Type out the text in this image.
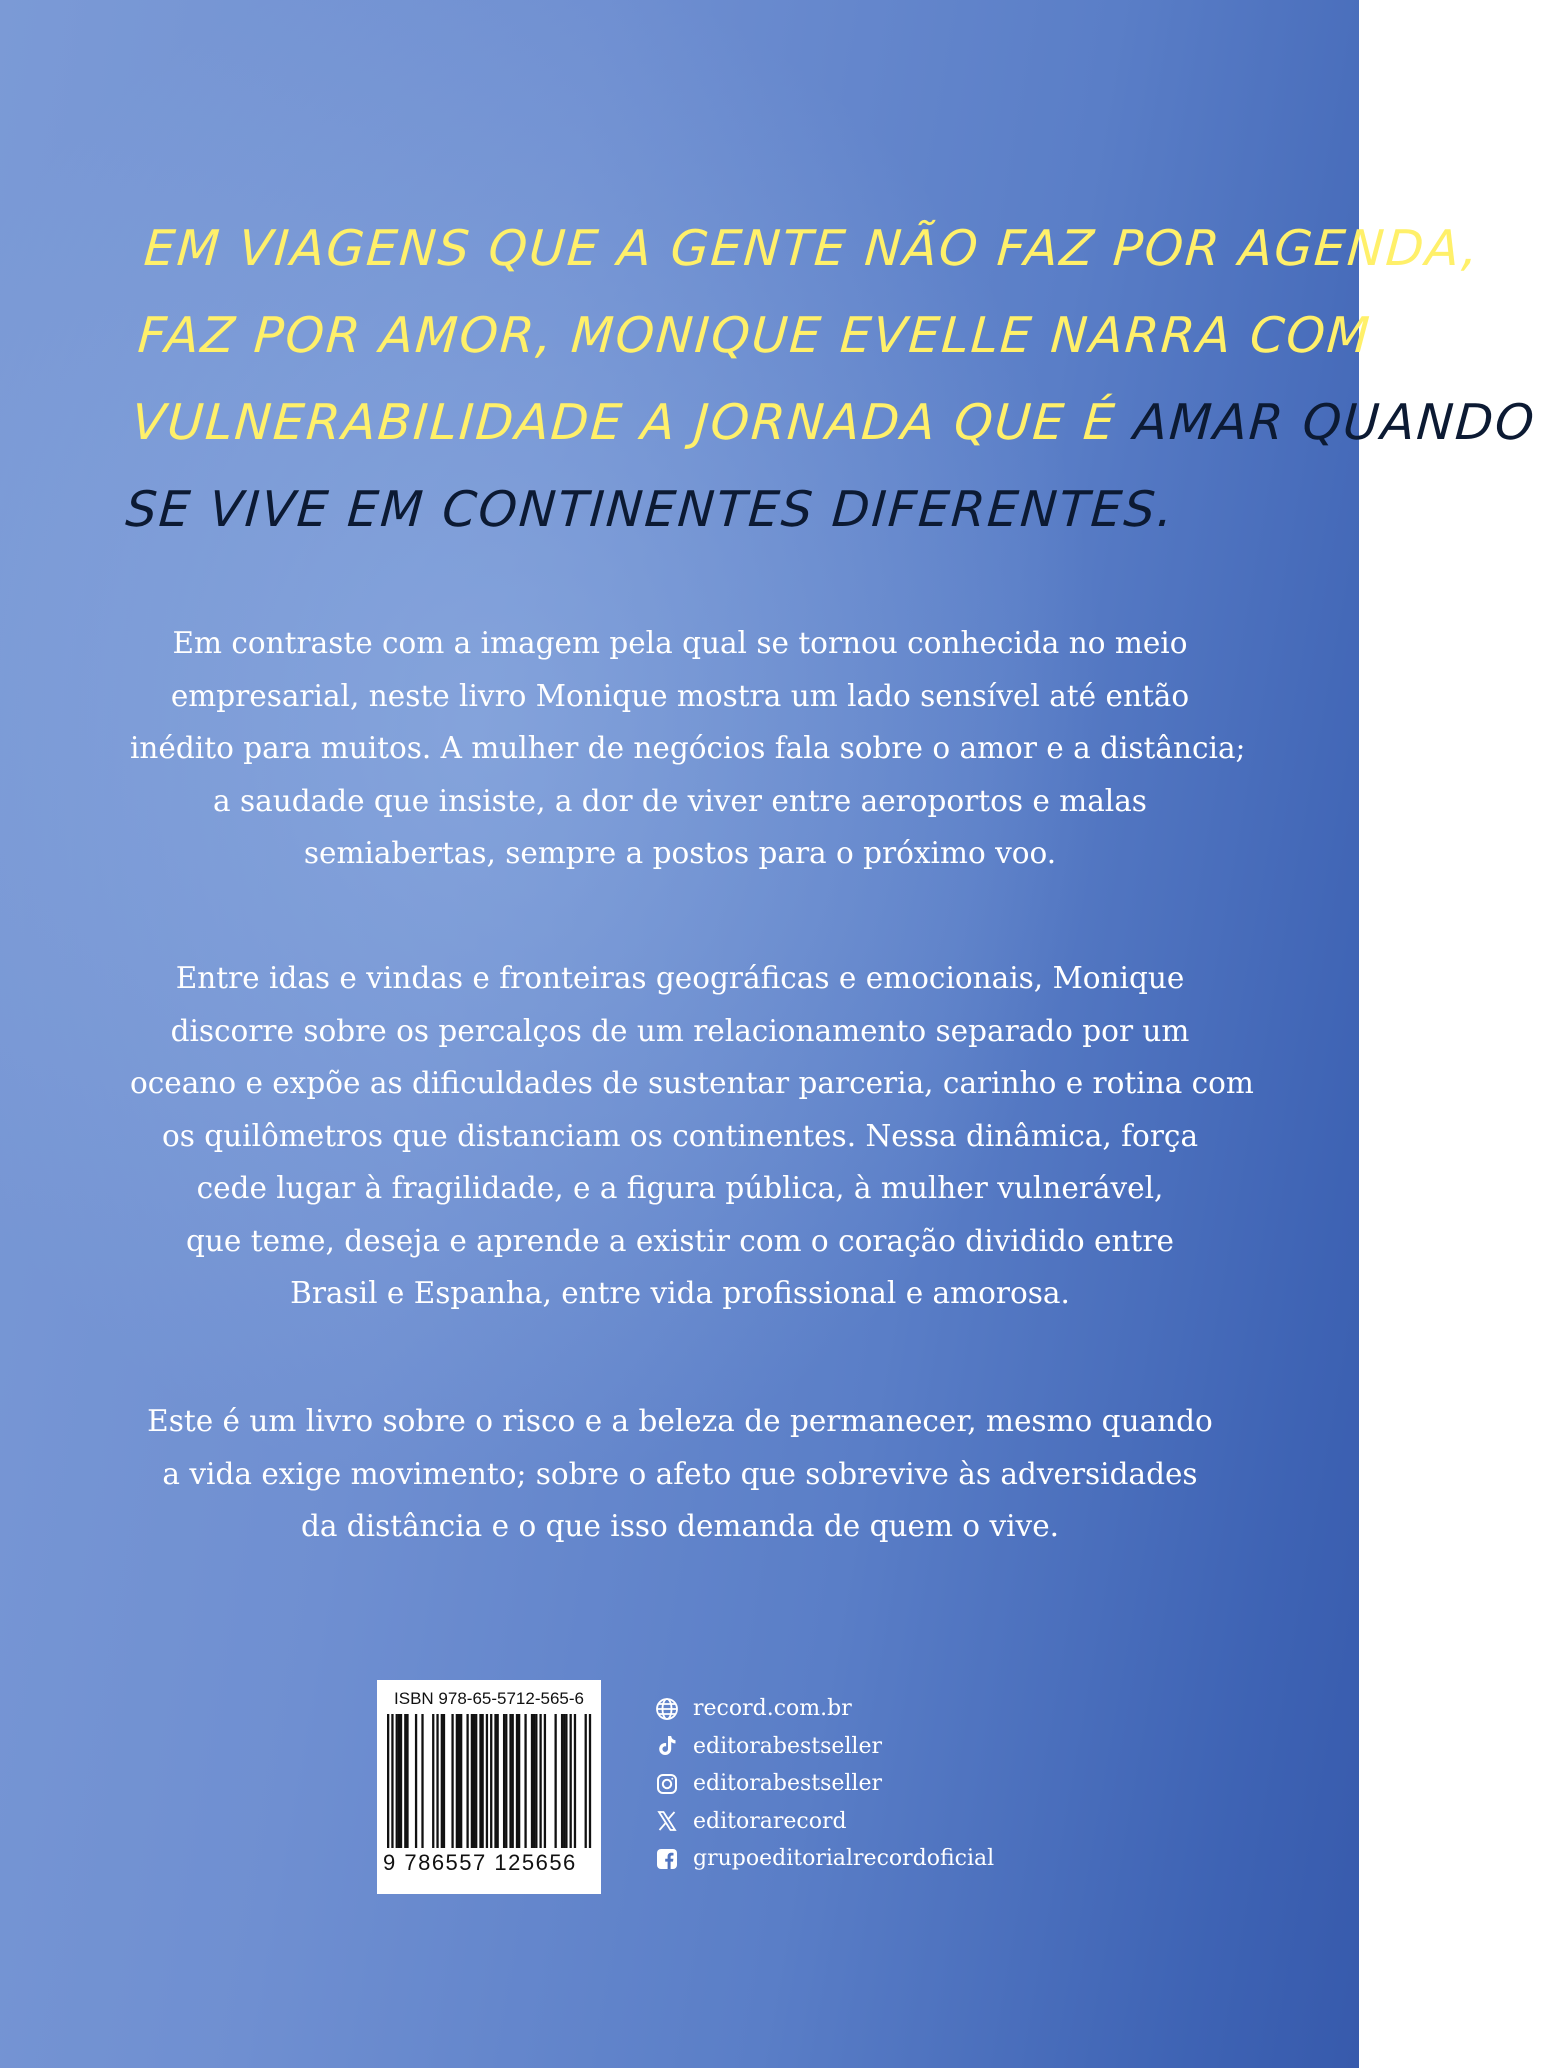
EM VIAGENS QUE A GENTE NÃO FAZ POR AGENDA,
FAZ POR AMOR, MONIQUE EVELLE NARRA COM
VULNERABILIDADE A JORNADA QUE É AMAR QUANDO
SE VIVE EM CONTINENTES DIFERENTES.
Em contraste com a imagem pela qual se tornou conhecida no meio
empresarial, neste livro Monique mostra um lado sensível até então
inédito para muitos. A mulher de negócios fala sobre o amor e a distância;
a saudade que insiste, a dor de viver entre aeroportos e malas
semiabertas, sempre a postos para o próximo voo.
Entre idas e vindas e fronteiras geográficas e emocionais, Monique
discorre sobre os percalços de um relacionamento separado por um
oceano e expõe as dificuldades de sustentar parceria, carinho e rotina com
os quilômetros que distanciam os continentes. Nessa dinâmica, força
cede lugar à fragilidade, e a figura pública, à mulher vulnerável,
que teme, deseja e aprende a existir com o coração dividido entre
Brasil e Espanha, entre vida profissional e amorosa.
Este é um livro sobre o risco e a beleza de permanecer, mesmo quando
a vida exige movimento; sobre o afeto que sobrevive às adversidades
da distância e o que isso demanda de quem o vive.
ISBN 978-65-5712-565-6
9 786557 125656
record.com.br
editorabestseller
editorabestseller
editorarecord
grupoeditorialrecordoficial
